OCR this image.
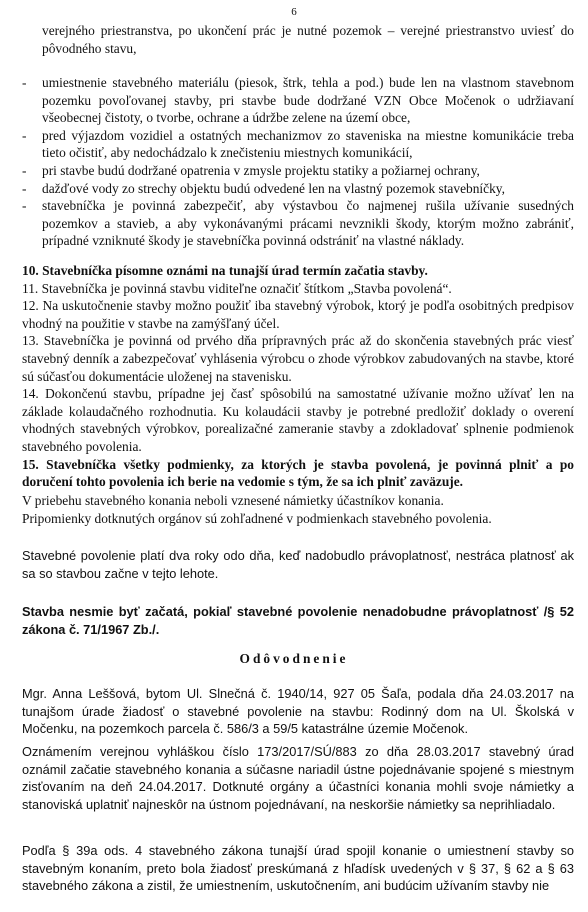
6

verejného priestranstva, po ukončení prác je nutné pozemok – verejné priestranstvo uviesť do pôvodného stavu,

- umiestnenie stavebného materiálu (piesok, štrk, tehla a pod.) bude len na vlastnom stavebnom pozemku povoľovanej stavby, pri stavbe bude dodržané VZN Obce Močenok o udržiavaní všeobecnej čistoty, o tvorbe, ochrane a údržbe zelene na území obce,
- pred výjazdom vozidiel a ostatných mechanizmov zo staveniska na miestne komunikácie treba tieto očistiť, aby nedochádzalo k znečisteniu miestnych komunikácií,
- pri stavbe budú dodržané opatrenia v zmysle projektu statiky a požiarnej ochrany,
- dažďové vody zo strechy objektu budú odvedené len na vlastný pozemok stavebníčky,
- stavebníčka je povinná zabezpečiť, aby výstavbou čo najmenej rušila užívanie susedných pozemkov a stavieb, a aby vykonávanými prácami nevznikli škody, ktorým možno zabrániť, prípadné vzniknuté škody je stavebníčka povinná odstrániť na vlastné náklady.
10. Stavebníčka písomne oznámi na tunajší úrad termín začatia stavby.
11. Stavebníčka je povinná stavbu viditeľne označiť štítkom „Stavba povolená“.
12. Na uskutočnenie stavby možno použiť iba stavebný výrobok, ktorý je podľa osobitných predpisov vhodný na použitie v stavbe na zamýšľaný účel.
13. Stavebníčka je povinná od prvého dňa prípravných prác až do skončenia stavebných prác viesť stavebný denník a zabezpečovať vyhlásenia výrobcu o zhode výrobkov zabudovaných na stavbe, ktoré sú súčasťou dokumentácie uloženej na stavenisku.
14. Dokončenú stavbu, prípadne jej časť spôsobilú na samostatné užívanie možno užívať len na základe kolaudačného rozhodnutia. Ku kolaudácii stavby je potrebné predložiť doklady o overení vhodných stavebných výrobkov, porealizačné zameranie stavby a zdokladovať splnenie podmienok stavebného povolenia.
15. Stavebníčka všetky podmienky, za ktorých je stavba povolená, je povinná plniť a po doručení tohto povolenia ich berie na vedomie s tým, že sa ich plniť zaväzuje.

V priebehu stavebného konania neboli vznesené námietky účastníkov konania.

Pripomienky dotknutých orgánov sú zohľadnené v podmienkach stavebného povolenia.

Stavebné povolenie platí dva roky odo dňa, keď nadobudlo právoplatnosť, nestráca platnosť ak sa so stavbou začne v tejto lehote.

Stavba nesmie byť začatá, pokiaľ stavebné povolenie nenadobudne právoplatnosť /§ 52 zákona č. 71/1967 Zb./.

Odôvodnenie

Mgr. Anna Leššová, bytom Ul. Slnečná č. 1940/14, 927 05 Šaľa, podala dňa 24.03.2017 na tunajšom úrade žiadosť o stavebné povolenie na stavbu: Rodinný dom na Ul. Školská v Močenku, na pozemkoch parcela č. 586/3 a 59/5 katastrálne územie Močenok.

Oznámením verejnou vyhláškou číslo 173/2017/SÚ/883 zo dňa 28.03.2017 stavebný úrad oznámil začatie stavebného konania a súčasne nariadil ústne pojednávanie spojené s miestnym zisťovaním na deň 24.04.2017. Dotknuté orgány a účastníci konania mohli svoje námietky a stanoviská uplatniť najneskôr na ústnom pojednávaní, na neskoršie námietky sa neprihliadalo.

Podľa § 39a ods. 4 stavebného zákona tunajší úrad spojil konanie o umiestnení stavby so stavebným konaním, preto bola žiadosť preskúmaná z hľadísk uvedených v § 37, § 62 a § 63 stavebného zákona a zistil, že umiestnením, uskutočnením, ani budúcim užívaním stavby nie
